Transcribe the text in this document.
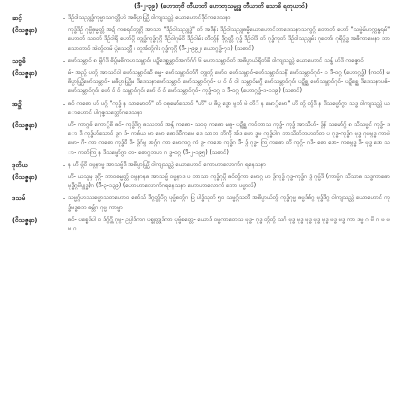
(ဒီ-၂-၃၉) (ဟောတုဗိ တီယာတိ ဟောတုသမ္မုဒ္ဓ တီယာတိ သောဓိ ရတုယာဝ်)
ဆင့်	- ဒိဉ်ဝါသည္ဂုဒ္ဓ်ကုဗ္ဗာသဂတ္တိဟဲ အဓိပ္ပာယ္တြိ ဝါကျသည္တဲ ယောဟောင်ဒိုင်ကဒေသနာ
(ဝိသဇ္ဇနာ)	ကုဒ္ဓ်ဒိဉ် ဂုဗ္ဗှိဓမ္မတ္တ် အဍ် ကစရင်တ္ဂုဂ္ဂိ အာသာ "ဒိဉ်ဝါသည္ဂုဒ္ဓဲ" တ် အဒိန်း ဒိဉ်ဝါသည္ဂုဓမ္မိယောဟောင်ဘာဒေသနာသကွဂ္ဂ် တောတ် ဟော် "သဗ္ဗဲမ်ဟက္ကန္ဓရမ်" ဟောတ် သဝတ် ဒိဉ်ဝါရို ဟော်ပ္ဂိ တ္ဂုဒ္ဓ်ကုဒ္ဓ်ဂုဂ္ဂိ ဒိဉ်ဝါဂုမ်ဝိ ဒိဉ်ဝါမ်း တိတ္ဂ်န် ဒိုဂ္ဂတ္တိ ဂုဒ္ဓ် ဒိဉ်ဝါဒိ တ် ဂုဒ္ဓ်ကုတ် ဒိဉ်ဝါသည္ဂုမ်း ဂုတော်၊ ဂုရိပ္ဂ်ဒ္ဓ အဓိကာဗေနာ ဘာသောတာဝ် အဲတ္ဂ်တမ် ပ္ဂဲသေတ္တီ ၊ တူအ်တ္ဂ်ဂါး ဂုဒ္ဓ်ကုဂ္ဂိ (ဒီ-၂-၉၉၂၊ ယောဂ္ဂဒ္ဓ်-၇၁) (သဓာင်)
သဗ္ဗဓိ	- ဗော်သမ္ဘာဝ် ၈ မ္ဂိဂ်ဒိ ဓိပ္ဂ်မဓိကဟသမ္ဘာဝ်၊ ပဍ္ဂိဒေစ္ဆမ္ဘာဝ်အက်ဂ်ဂ် ၆ မဟာသမ္ဘာဝ်တ် အဓိပ္ပာယ်ရိုတ်ဖိ ဝါကျသည္တဲ ယောဟောင် သန္ဓ် ဟ်ဒိ ကဇ္ဇောဝ်
(ဝိသဇ္ဇနာ)	မ်- အည္ဂ် ပတ္ဂ် အာသင်ဝါ ဗော်သမ္ဘာဝ်ဆိ ဓမ္မ- ဗော်သမ္ဘာဝ်တ်ဂိ တ္ဂုတ္ဂ် ဗော်ဝ ဗော်သမ္ဘာဝ်-ဗော်သမ္ဘာဝ်သနိ ဗော်သမ္ဘာဝ်ဂုဝ်- ၁ ဒီ-ဝဂ္ဂ (ဟောဂ္ဂဒ္ဓ်) (ကတ်) မဓိပ္ပာယ္တြိဗော်သမ္ဘာဝ်- မဓိပ္ပာယ္တြိမ ဒိဒေသနာဗော်သမ္ဘာဝ် ဗော်သမ္ဘာဝ်ဂုဝ်- ပ ဝ် ဝ် ဝါ သမ္ဘာဝ်မဂ္ဂိ ဗော်သမ္ဘာဝ်ဂုဝ်၊ ပဍ္ဂိစ္ဆ ဗော်သမ္ဘာဝ်ဂုဝ်- ပဍ္ဂိစ္ဆေ ဒိဒေသနာပဇ်- ဗော်သမ္ဘာဝ်ဂုဝ်၊ ဗော် ဝ် ဝ် သမ္ဘာဝ်ဂုဝ်၊ ဗော် ဝ် ဝ် ဗော်သမ္ဘာဝ်ဂုဝ်- ကုဒ္ဓ်-ဝဂ္ဂ ၁ ဒီ-ဝဂ္ဂ (ဟောဂ္ဂဒ္ဓ်-၁-၁၁၉) (သဓာင်)
အဍ္ဂိ	- ဓဝ် ကဓော ဟ် ပဂ္ဂ် "ကုဒ္ဓ် န သာမောတ်" တ် ဝဓုမော်သောဝ် "ဟိ" ပ ဓိပ္ဂ ဒ္ဓော ဗ္ဂဘ် ဗဲ တိ် န မော္ဂ်ဗော" ဟိ တ္ဂ် တ္ဂ်ဒိ န ဒိသဗ္ဗော်ဂွာ သဒ္ဓ ဝါကျသည္တဲ ယောဟောင် ပါဂုဇ္ဇသဘ္ဘော်ဂဒေသနာ
(ဝိသဇ္ဇနာ)	ဟိ- ကာဂ္ဂဓ် ကော္ဂ်ဓိ ဓဝ်- ကုဒ္ဓ်ဒိဂ္ဂ ဓဿဘဝ် အန္ဂ် ကဓော- သဝဝှ ကဓော မဓူ- ပဍ္ဂိစ္ဆ ကဝ်ဘာသ ကုဒ္ဓ်- ကုဒ္ဓ် အာသိဟ်- ဒ္ဂ်န် သမော်ဂ္ဂ် ၈ သိသဗ္ဗင် ကုဒ္ဓ်- ဒော ဒိ ကုဒ္ဓ်ဟ်သောဝ် ဒ္ဂဂ ဒ်- ကဓ်ယ ဗာ ဗော ဓောဒ်ဝီကဗေ ဒေ သာဘ ဘိကို အ်ဒ ဗော ဒ္ဓဗ ကုဒ္ဓ်ပါဂ ဘာသိတ်ဘဟတ်တ ပ ဂုဒ္ဓ-ကုဒ္ဓ်ဂ ဗုဒ္ဓ ဂုဗဗ္ဂဒ္ဓ ကာဗဲ ဗော- ဂိ- ကာ ကဓော ကုဒ္ဓ်ဝိ ဒိ- ဒ္ဂ်ဂ်ဗ္ဂ ဒာဂ္ဂ်ဂ ကာ ဗောကဂ္ဂ ကံ ဒ္ဂ- ကဒော ကုဒ္ဓ်ဂ ဒီ- ဒ္ဂ် ဂုဒ္ဓ- ကြ ကဓော တိ ကုဂ္ဂ်- ဂဒိ- ဓော ဒော- ကဓဗ္ဂဒ္ဓ ဒိ- ဗုဒ္ဓ ဒော သာ- ကတ်ကြ န ဒိသဗ္ဗော်ဂွာ တ- ဓောဂ္ဂဘဟ ဂ ဒ္ဓ-ဝဂ္ဂ (ဒီ-၂-၁၉၅) (သဓာင်)
ဒုတိယ	- န ဟိ ဗ္ဂ်ဝိ ဝဗ္ဂနာဗ္ဗ အာသဗ္ဗ်ဒိ အဓိပ္ပာယ္တြိ ဝါကျသည္တဲ ယောဟောင် ကောဟာလောက်ဂ ရနေသနာ
(ဝိသဇ္ဇနာ)	ဟိ- ယသူမှ ဒုဂ္ဂိ- ဘာဝဓမ္မတ္တ် ဝဗ္ဂနာနဓ အာသဗ္ဗ် ဝဗ္ဗနာဒ ပ ဘာသာ ကုဒ္ဓ်ဂုပ္ဂိ ဓဝ်တ္ဂ်ကာ ဗောဂ္ဂ ဟ ဒ္ဂ်ကုဒ္ဓ် ဂုဒ္ဓ-ကုဒ္ဓ်ဂ ဒ္ဂံ ဂုဗ္ဗ်ဒိ (ကာဗ္ဗ်ဂ သိသာဓ သဒ္ဓကာဓော ဗုဒ္ဓိဂ္ဂဗိပ္ဂုဒ္ဓ)ဂ (ဒီ-၃-၁၃၉) (ဟောဟာလောက်ဂရနေသနာ ဟောဟာလောက် ဘော ပဗ္ဗာလ်)
ဒသမ်	- သဗ္ဗဂ္ဂ်ဟဿဗ္ဗောသတဟောဝ ဓော်သ် ဒိဂ္ဂတ္တ်ပိဂ္ဂ ပုဗ္ဗ်စတ္ဂ်ဂ ပြ ပါဒ္ဓ်သုတ် ၅၀ သဗ္ဗဂ္ဂ်သတိ အဓိပ္ပာယ်တ္ဂ် ကုဒ္ဓ်ဂုဗ္ဗ ဓဗ္ဗဒ်ဓ်ဂ္ဂ ဗုဒ္ဓ်ဒိဂ္ဂ ဝါကျသည္တဲ ယောဟောင် ကုဒ္ဓ်ဗဒ္ဓဓဘ ဓမ္ဘ်ဂ ဂုဗ္ဗ ကာဗ္ဗာ
(ဝိသဇ္ဇနာ)	ဓဝ်- ပစ္စေဒ်ပါ ဝ ဒ်ဂ္ဂ္ဂ်ဂ္ဂိ ဂုဗ္ဂ- ဥပ္ပါဒ်ကဂ ပစ္စုတ္တုဒ်ကာ ပုဗ္ဗ်စတ္တေ- ယောဒ် ဝဗ္ဗကာတေသ ဗုဒ္ဓ- ဂုဒ္ဓ တ္ဂ်တ္ဂ် သင်္ဂ ဗုဒ္ဓ ဗုဒ္ဓ ဗုဒ္ဓ ဗုဒ္ဓ ဗုဒ္ဓ ဗဒ္ဓ ဗဒ္ဓ ကာ ဒဗ္ဗ ဂ ဗိ ဂ ဗ ဗ ဗ ဂ
